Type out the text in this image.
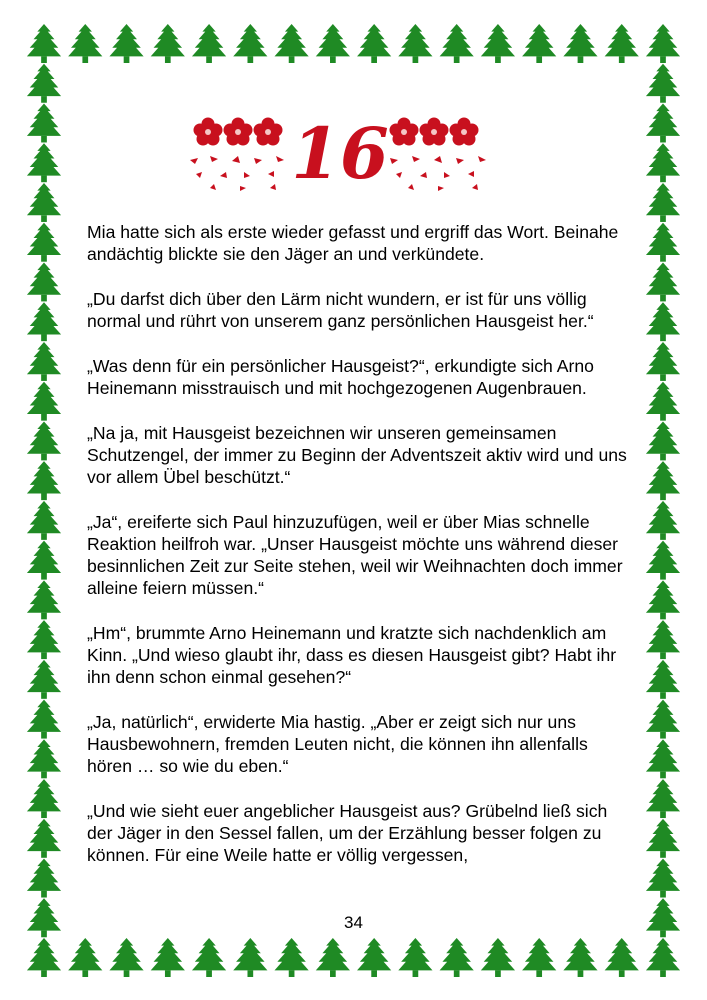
16

Mia hatte sich als erste wieder gefasst und ergriff das Wort. Beinahe andächtig blickte sie den Jäger an und verkündete.

„Du darfst dich über den Lärm nicht wundern, er ist für uns völlig normal und rührt von unserem ganz persönlichen Hausgeist her.“

„Was denn für ein persönlicher Hausgeist?“, erkundigte sich Arno Heinemann misstrauisch und mit hochgezogenen Augenbrauen.

„Na ja, mit Hausgeist bezeichnen wir unseren gemeinsamen Schutzengel, der immer zu Beginn der Adventszeit aktiv wird und uns vor allem Übel beschützt.“

„Ja“, ereiferte sich Paul hinzuzufügen, weil er über Mias schnelle Reaktion heilfroh war. „Unser Hausgeist möchte uns während dieser besinnlichen Zeit zur Seite stehen, weil wir Weihnachten doch immer alleine feiern müssen.“

„Hm“, brummte Arno Heinemann und kratzte sich nachdenklich am Kinn. „Und wieso glaubt ihr, dass es diesen Hausgeist gibt? Habt ihr ihn denn schon einmal gesehen?“

„Ja, natürlich“, erwiderte Mia hastig. „Aber er zeigt sich nur uns Hausbewohnern, fremden Leuten nicht, die können ihn allenfalls hören … so wie du eben.“

„Und wie sieht euer angeblicher Hausgeist aus? Grübelnd ließ sich der Jäger in den Sessel fallen, um der Erzählung besser folgen zu können. Für eine Weile hatte er völlig vergessen,

34
